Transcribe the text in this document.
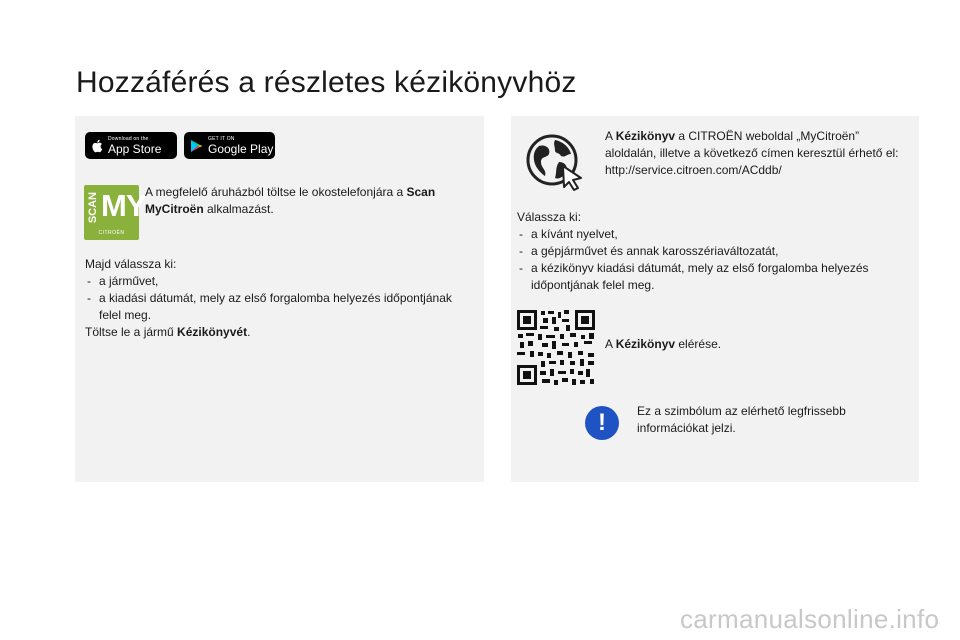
Hozzáférés a részletes kézikönyvhöz
Download on the
App Store
GET IT ON
Google Play
SCAN MY
CITROËN
A megfelelő áruházból töltse le okostelefonjára a Scan MyCitroën alkalmazást.
Majd válassza ki:
- a járművet,
- a kiadási dátumát, mely az első forgalomba helyezés időpontjának felel meg.
Töltse le a jármű Kézikönyvét.
A Kézikönyv a CITROËN weboldal „MyCitroën” aloldalán, illetve a következő címen keresztül érhető el:
http://service.citroen.com/ACddb/
Válassza ki:
- a kívánt nyelvet,
- a gépjárművet és annak karosszériaváltozatát,
- a kézikönyv kiadási dátumát, mely az első forgalomba helyezés időpontjának felel meg.
A Kézikönyv elérése.
!	Ez a szimbólum az elérhető legfrissebb információkat jelzi.
carmanualsonline.info
